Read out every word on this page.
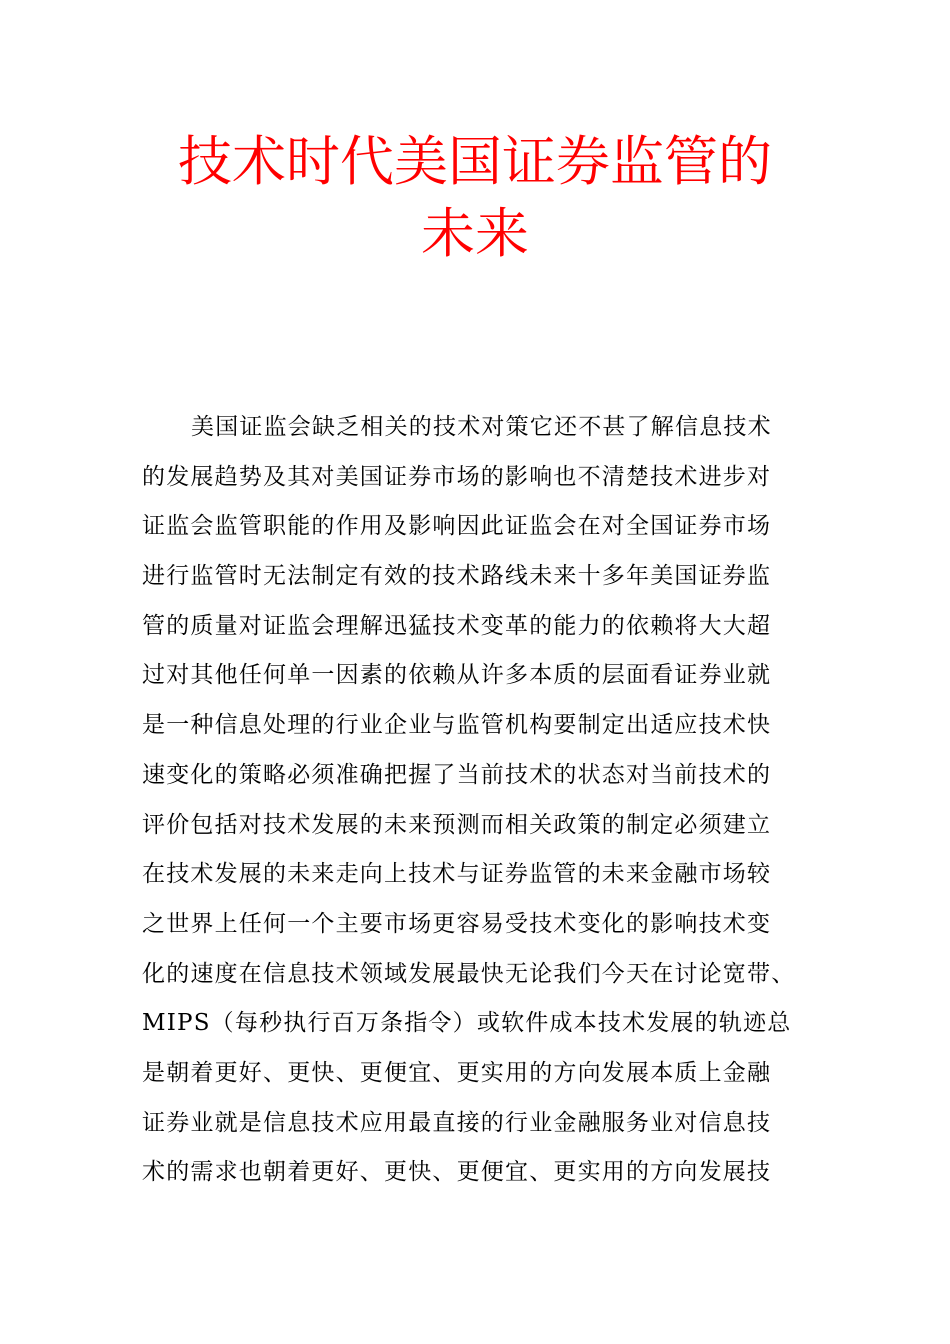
技术时代美国证券监管的
未来
美国证监会缺乏相关的技术对策它还不甚了解信息技术
的发展趋势及其对美国证券市场的影响也不清楚技术进步对
证监会监管职能的作用及影响因此证监会在对全国证券市场
进行监管时无法制定有效的技术路线未来十多年美国证券监
管的质量对证监会理解迅猛技术变革的能力的依赖将大大超
过对其他任何单一因素的依赖从许多本质的层面看证券业就
是一种信息处理的行业企业与监管机构要制定出适应技术快
速变化的策略必须准确把握了当前技术的状态对当前技术的
评价包括对技术发展的未来预测而相关政策的制定必须建立
在技术发展的未来走向上技术与证券监管的未来金融市场较
之世界上任何一个主要市场更容易受技术变化的影响技术变
化的速度在信息技术领域发展最快无论我们今天在讨论宽带、
MIPS（每秒执行百万条指令）或软件成本技术发展的轨迹总
是朝着更好、更快、更便宜、更实用的方向发展本质上金融
证券业就是信息技术应用最直接的行业金融服务业对信息技
术的需求也朝着更好、更快、更便宜、更实用的方向发展技
